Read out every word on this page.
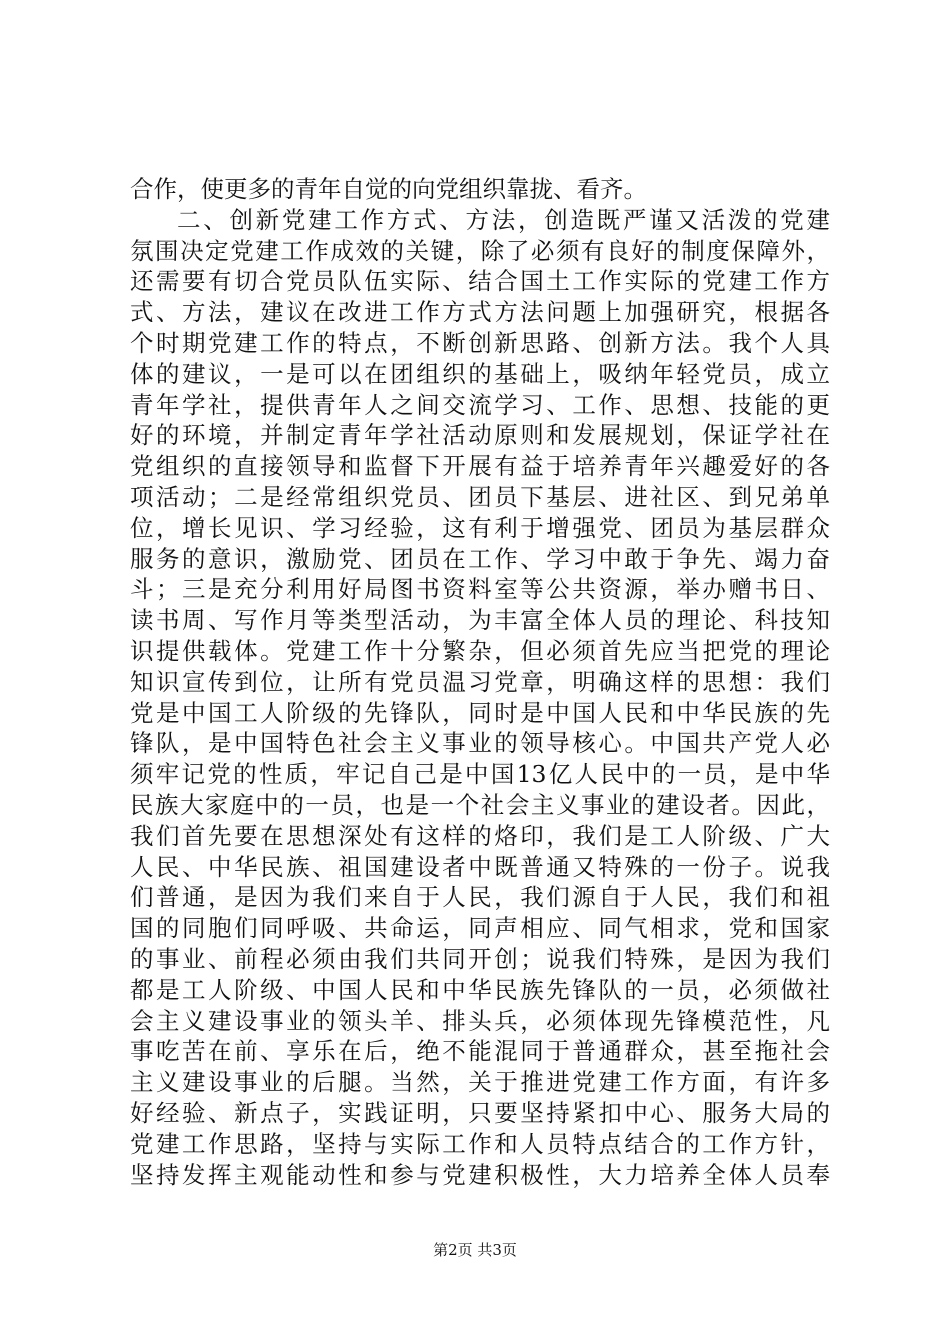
合作，使更多的青年自觉的向党组织靠拢、看齐。
二、创新党建工作方式、方法，创造既严谨又活泼的党建
氛围决定党建工作成效的关键，除了必须有良好的制度保障外，
还需要有切合党员队伍实际、结合国土工作实际的党建工作方
式、方法，建议在改进工作方式方法问题上加强研究，根据各
个时期党建工作的特点，不断创新思路、创新方法。我个人具
体的建议，一是可以在团组织的基础上，吸纳年轻党员，成立
青年学社，提供青年人之间交流学习、工作、思想、技能的更
好的环境，并制定青年学社活动原则和发展规划，保证学社在
党组织的直接领导和监督下开展有益于培养青年兴趣爱好的各
项活动；二是经常组织党员、团员下基层、进社区、到兄弟单
位，增长见识、学习经验，这有利于增强党、团员为基层群众
服务的意识，激励党、团员在工作、学习中敢于争先、竭力奋
斗；三是充分利用好局图书资料室等公共资源，举办赠书日、
读书周、写作月等类型活动，为丰富全体人员的理论、科技知
识提供载体。党建工作十分繁杂，但必须首先应当把党的理论
知识宣传到位，让所有党员温习党章，明确这样的思想：我们
党是中国工人阶级的先锋队，同时是中国人民和中华民族的先
锋队，是中国特色社会主义事业的领导核心。中国共产党人必
须牢记党的性质，牢记自己是中国13亿人民中的一员，是中华
民族大家庭中的一员，也是一个社会主义事业的建设者。因此，
我们首先要在思想深处有这样的烙印，我们是工人阶级、广大
人民、中华民族、祖国建设者中既普通又特殊的一份子。说我
们普通，是因为我们来自于人民，我们源自于人民，我们和祖
国的同胞们同呼吸、共命运，同声相应、同气相求，党和国家
的事业、前程必须由我们共同开创；说我们特殊，是因为我们
都是工人阶级、中国人民和中华民族先锋队的一员，必须做社
会主义建设事业的领头羊、排头兵，必须体现先锋模范性，凡
事吃苦在前、享乐在后，绝不能混同于普通群众，甚至拖社会
主义建设事业的后腿。当然，关于推进党建工作方面，有许多
好经验、新点子，实践证明，只要坚持紧扣中心、服务大局的
党建工作思路，坚持与实际工作和人员特点结合的工作方针，
坚持发挥主观能动性和参与党建积极性，大力培养全体人员奉
第2页 共3页
